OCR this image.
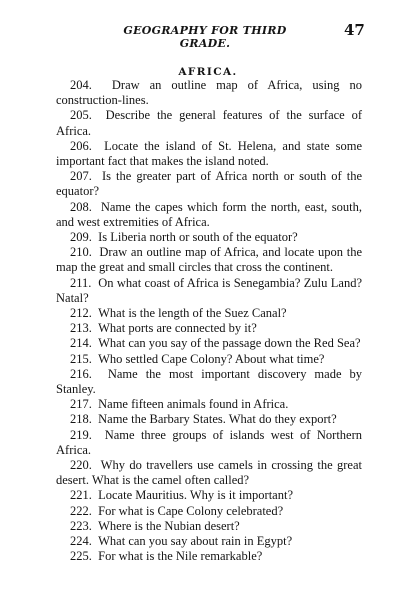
GEOGRAPHY FOR THIRD GRADE.
47
AFRICA.

204. Draw an outline map of Africa, using no construction-lines.

205. Describe the general features of the surface of Africa.

206. Locate the island of St. Helena, and state some important fact that makes the island noted.

207. Is the greater part of Africa north or south of the equator?

208. Name the capes which form the north, east, south, and west extremities of Africa.

209. Is Liberia north or south of the equator?

210. Draw an outline map of Africa, and locate upon the map the great and small circles that cross the continent.

211. On what coast of Africa is Senegambia? Zulu Land? Natal?

212. What is the length of the Suez Canal?

213. What ports are connected by it?

214. What can you say of the passage down the Red Sea?

215. Who settled Cape Colony? About what time?

216. Name the most important discovery made by Stanley.

217. Name fifteen animals found in Africa.

218. Name the Barbary States. What do they export?

219. Name three groups of islands west of Northern Africa.

220. Why do travellers use camels in crossing the great desert. What is the camel often called?

221. Locate Mauritius. Why is it important?

222. For what is Cape Colony celebrated?

223. Where is the Nubian desert?

224. What can you say about rain in Egypt?

225. For what is the Nile remarkable?
